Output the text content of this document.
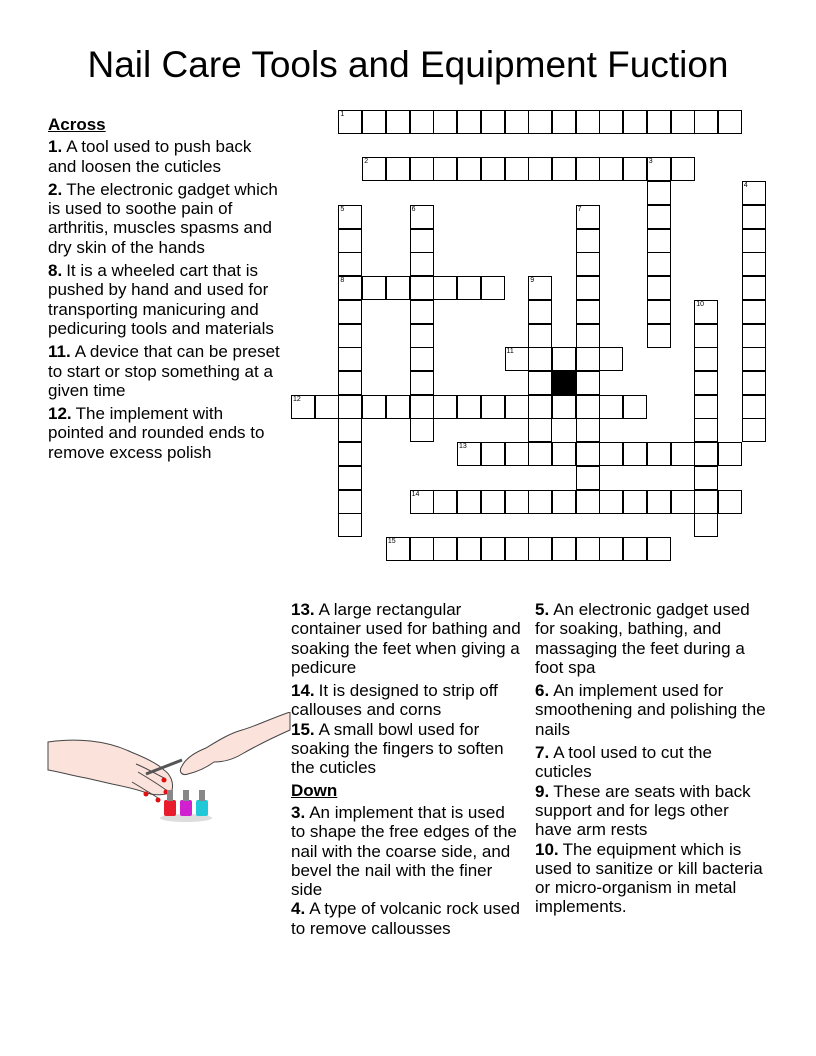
Nail Care Tools and Equipment Fuction
Across
1. A tool used to push back and loosen the cuticles
2. The electronic gadget which is used to soothe pain of arthritis, muscles spasms and dry skin of the hands
8. It is a wheeled cart that is pushed by hand and used for transporting manicuring and pedicuring tools and materials
11. A device that can be preset to start or stop something at a given time
12. The implement with pointed and rounded ends to remove excess polish
13. A large rectangular container used for bathing and soaking the feet when giving a pedicure
14. It is designed to strip off callouses and corns
15. A small bowl used for soaking the fingers to soften the cuticles
Down
3. An implement that is used to shape the free edges of the nail with the coarse side, and bevel the nail with the finer side
4. A type of volcanic rock used to remove callousses
5. An electronic gadget used for soaking, bathing, and massaging the feet during a foot spa
6. An implement used for smoothening and polishing the nails
7. A tool used to cut the cuticles
9. These are seats with back support and for legs other have arm rests
10. The equipment which is used to sanitize or kill bacteria or micro-organism in metal implements.
1
2	3
4
5
8
6	7
9
10
11
12
13
14
15
